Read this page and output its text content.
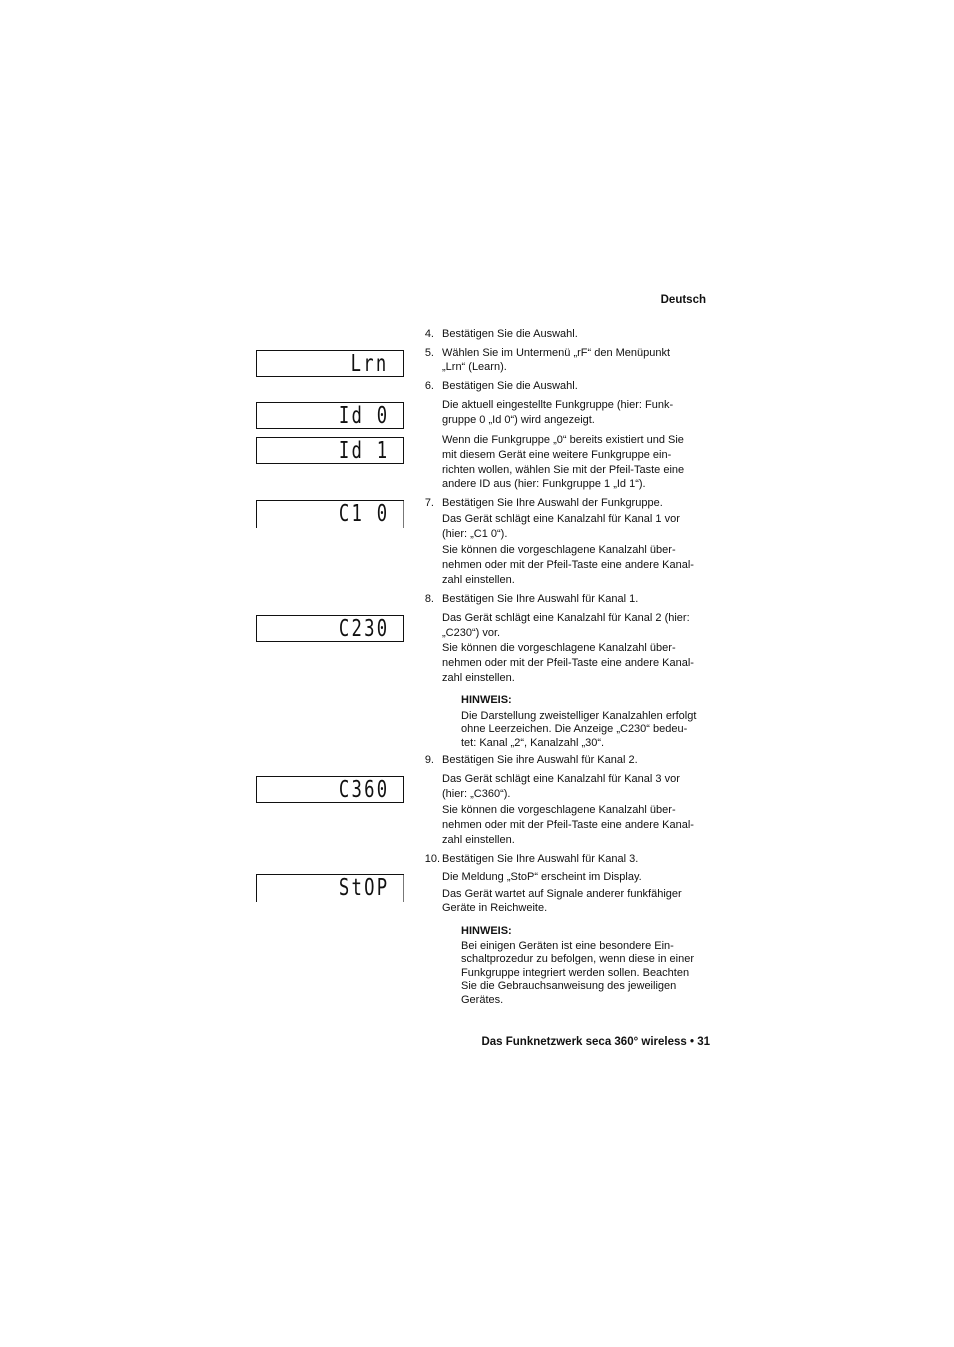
Deutsch
Lrn
Id 0
Id 1
C1 0
C230
C360
StOP
4. Bestätigen Sie die Auswahl.
5. Wählen Sie im Untermenü „rF“ den Menüpunkt
„Lrn“ (Learn).
6. Bestätigen Sie die Auswahl.
Die aktuell eingestellte Funkgruppe (hier: Funk-
gruppe 0 „Id 0“) wird angezeigt.
Wenn die Funkgruppe „0“ bereits existiert und Sie
mit diesem Gerät eine weitere Funkgruppe ein-
richten wollen, wählen Sie mit der Pfeil-Taste eine
andere ID aus (hier: Funkgruppe 1 „Id 1“).
7. Bestätigen Sie Ihre Auswahl der Funkgruppe.
Das Gerät schlägt eine Kanalzahl für Kanal 1 vor
(hier: „C1 0“).
Sie können die vorgeschlagene Kanalzahl über-
nehmen oder mit der Pfeil-Taste eine andere Kanal-
zahl einstellen.
8. Bestätigen Sie Ihre Auswahl für Kanal 1.
Das Gerät schlägt eine Kanalzahl für Kanal 2 (hier:
„C230“) vor.
Sie können die vorgeschlagene Kanalzahl über-
nehmen oder mit der Pfeil-Taste eine andere Kanal-
zahl einstellen.
HINWEIS:
Die Darstellung zweistelliger Kanalzahlen erfolgt
ohne Leerzeichen. Die Anzeige „C230“ bedeu-
tet: Kanal „2“, Kanalzahl „30“.
9. Bestätigen Sie ihre Auswahl für Kanal 2.
Das Gerät schlägt eine Kanalzahl für Kanal 3 vor
(hier: „C360“).
Sie können die vorgeschlagene Kanalzahl über-
nehmen oder mit der Pfeil-Taste eine andere Kanal-
zahl einstellen.
10. Bestätigen Sie Ihre Auswahl für Kanal 3.
Die Meldung „StoP“ erscheint im Display.
Das Gerät wartet auf Signale anderer funkfähiger
Geräte in Reichweite.
HINWEIS:
Bei einigen Geräten ist eine besondere Ein-
schaltprozedur zu befolgen, wenn diese in einer
Funkgruppe integriert werden sollen. Beachten
Sie die Gebrauchsanweisung des jeweiligen
Gerätes.
Das Funknetzwerk seca 360° wireless • 31
